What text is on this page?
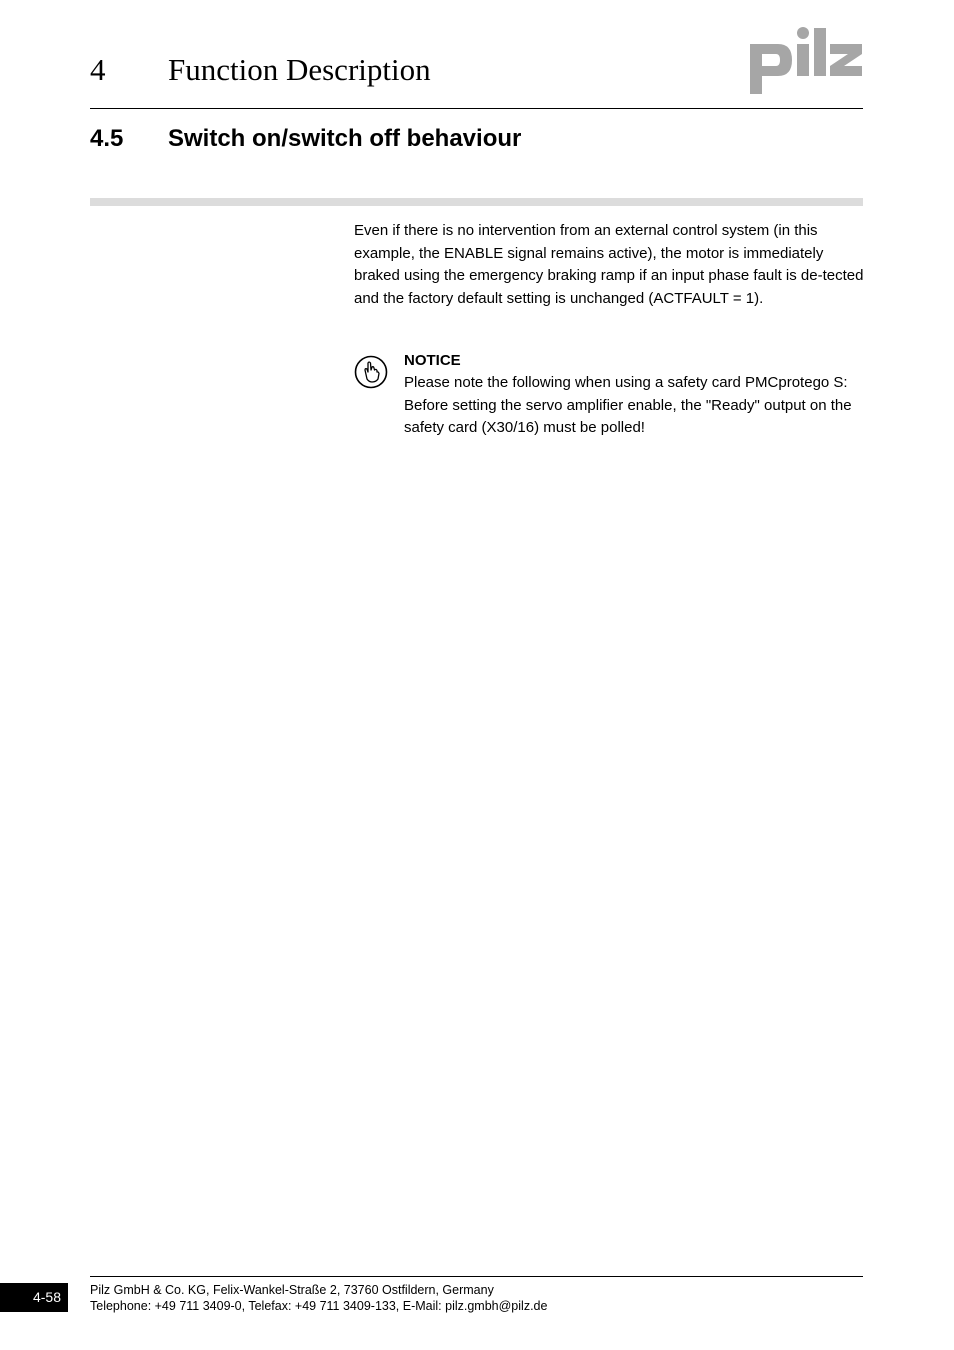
4 Function Description
4.5 Switch on/switch off behaviour
Even if there is no intervention from an external control system (in this example, the ENABLE signal remains active), the motor is immediately braked using the emergency braking ramp if an input phase fault is de-tected and the factory default setting is unchanged (ACTFAULT = 1).
NOTICE
Please note the following when using a safety card PMCprotego S: Before setting the servo amplifier enable, the "Ready" output on the safety card (X30/16) must be polled!
4-58	Pilz GmbH & Co. KG, Felix-Wankel-Straße 2, 73760 Ostfildern, Germany
Telephone: +49 711 3409-0, Telefax: +49 711 3409-133, E-Mail: pilz.gmbh@pilz.de
